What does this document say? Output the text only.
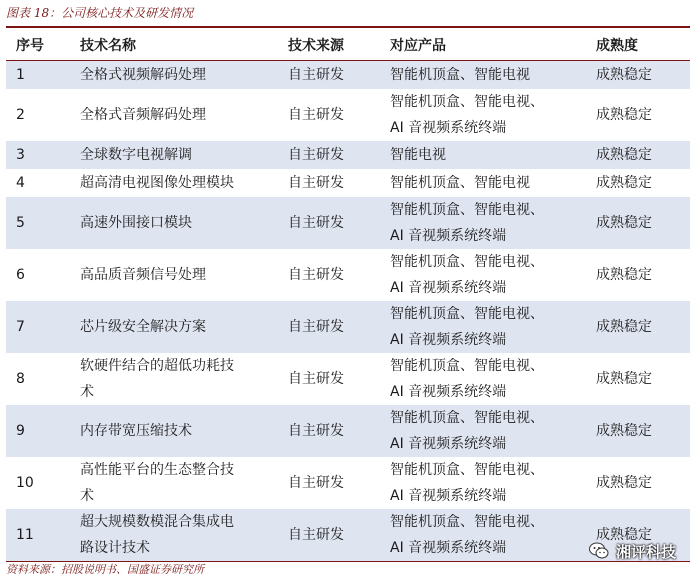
图表 18：公司核心技术及研发情况
序号	技术名称	技术来源	对应产品	成熟度
1	全格式视频解码处理	自主研发	智能机顶盒、智能电视	成熟稳定
2	全格式音频解码处理	自主研发	智能机顶盒、智能电视、
AI 音视频系统终端	成熟稳定
3	全球数字电视解调	自主研发	智能电视	成熟稳定
4	超高清电视图像处理模块	自主研发	智能机顶盒、智能电视	成熟稳定
5	高速外围接口模块	自主研发	智能机顶盒、智能电视、
AI 音视频系统终端	成熟稳定
6	高品质音频信号处理	自主研发	智能机顶盒、智能电视、
AI 音视频系统终端	成熟稳定
7	芯片级安全解决方案	自主研发	智能机顶盒、智能电视、
AI 音视频系统终端	成熟稳定
8	软硬件结合的超低功耗技
术	自主研发	智能机顶盒、智能电视、
AI 音视频系统终端	成熟稳定
9	内存带宽压缩技术	自主研发	智能机顶盒、智能电视、
AI 音视频系统终端	成熟稳定
10	高性能平台的生态整合技
术	自主研发	智能机顶盒、智能电视、
AI 音视频系统终端	成熟稳定
11	超大规模数模混合集成电
路设计技术	自主研发	智能机顶盒、智能电视、
AI 音视频系统终端	成熟稳定
资料来源：招股说明书、国盛证券研究所
湘评科技
